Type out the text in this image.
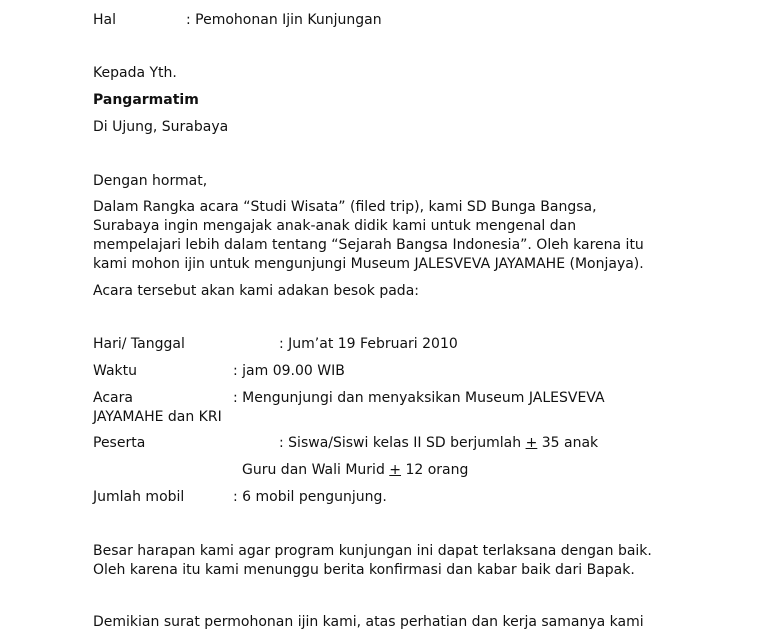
Hal	: Pemohonan Ijin Kunjungan
Kepada Yth.
Pangarmatim
Di Ujung, Surabaya
Dengan hormat,
Dalam Rangka acara “Studi Wisata” (filed trip), kami SD Bunga Bangsa,
Surabaya ingin mengajak anak-anak didik kami untuk mengenal dan
mempelajari lebih dalam tentang “Sejarah Bangsa Indonesia”. Oleh karena itu
kami mohon ijin untuk mengunjungi Museum JALESVEVA JAYAMAHE (Monjaya).
Acara tersebut akan kami adakan besok pada:
Hari/ Tanggal	: Jum’at 19 Februari 2010
Waktu	: jam 09.00 WIB
Acara	: Mengunjungi dan menyaksikan Museum JALESVEVA
JAYAMAHE dan KRI
Peserta	: Siswa/Siswi kelas II SD berjumlah + 35 anak
Guru dan Wali Murid + 12 orang
Jumlah mobil	: 6 mobil pengunjung.
Besar harapan kami agar program kunjungan ini dapat terlaksana dengan baik.
Oleh karena itu kami menunggu berita konfirmasi dan kabar baik dari Bapak.
Demikian surat permohonan ijin kami, atas perhatian dan kerja samanya kami
